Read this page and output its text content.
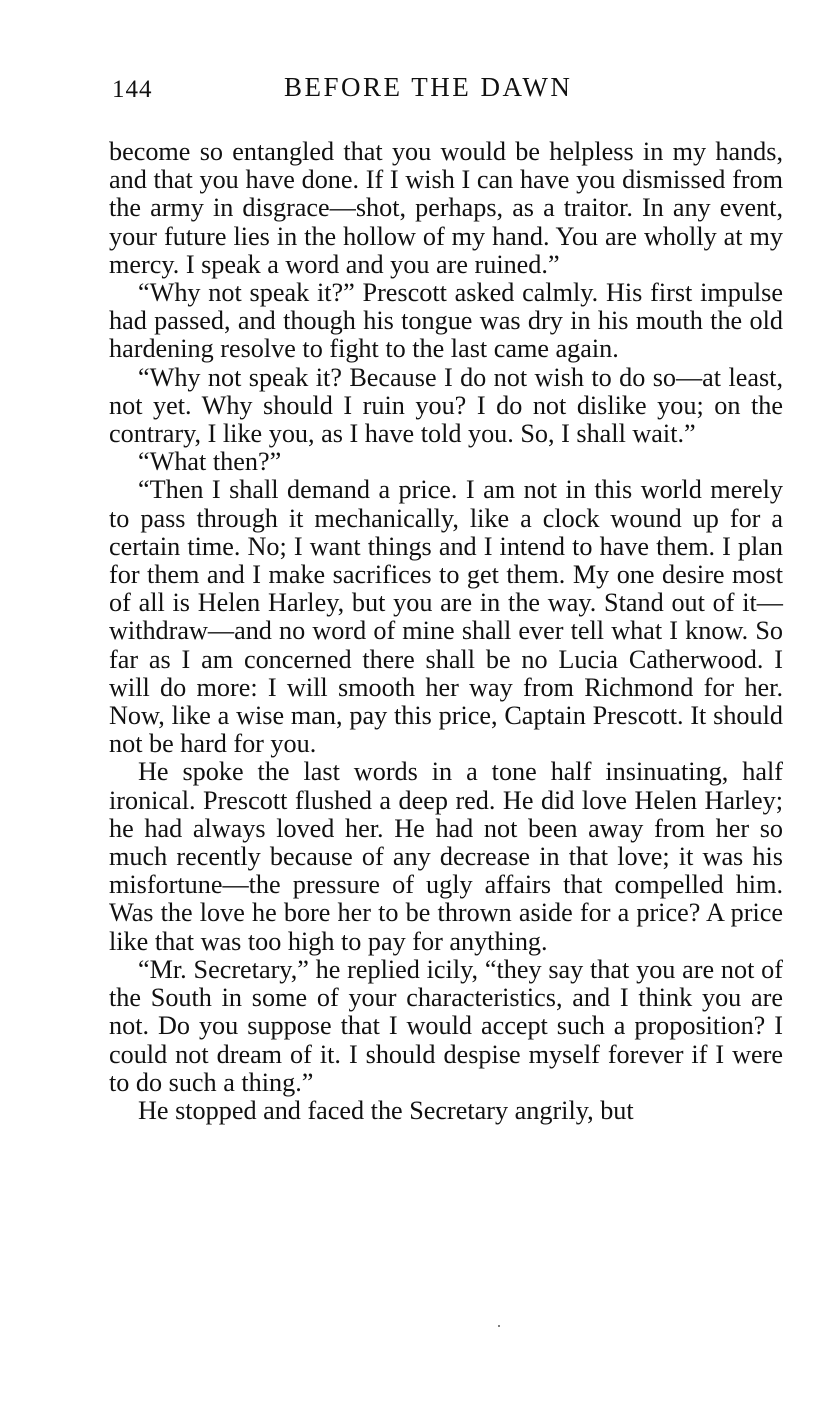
144	BEFORE THE DAWN

become so entangled that you would be helpless in my hands, and that you have done. If I wish I can have you dismissed from the army in disgrace—shot, perhaps, as a traitor. In any event, your future lies in the hollow of my hand. You are wholly at my mercy. I speak a word and you are ruined.”

“Why not speak it?” Prescott asked calmly. His first impulse had passed, and though his tongue was dry in his mouth the old hardening resolve to fight to the last came again.

“Why not speak it? Because I do not wish to do so—at least, not yet. Why should I ruin you? I do not dislike you; on the contrary, I like you, as I have told you. So, I shall wait.”

“What then?”

“Then I shall demand a price. I am not in this world merely to pass through it mechanically, like a clock wound up for a certain time. No; I want things and I intend to have them. I plan for them and I make sacrifices to get them. My one desire most of all is Helen Harley, but you are in the way. Stand out of it—withdraw—and no word of mine shall ever tell what I know. So far as I am concerned there shall be no Lucia Catherwood. I will do more: I will smooth her way from Richmond for her. Now, like a wise man, pay this price, Captain Prescott. It should not be hard for you.

He spoke the last words in a tone half insinuating, half ironical. Prescott flushed a deep red. He did love Helen Harley; he had always loved her. He had not been away from her so much recently because of any decrease in that love; it was his misfortune—the pressure of ugly affairs that compelled him. Was the love he bore her to be thrown aside for a price? A price like that was too high to pay for anything.

“Mr. Secretary,” he replied icily, “they say that you are not of the South in some of your characteristics, and I think you are not. Do you suppose that I would accept such a proposition? I could not dream of it. I should despise myself forever if I were to do such a thing.”

He stopped and faced the Secretary angrily, but
